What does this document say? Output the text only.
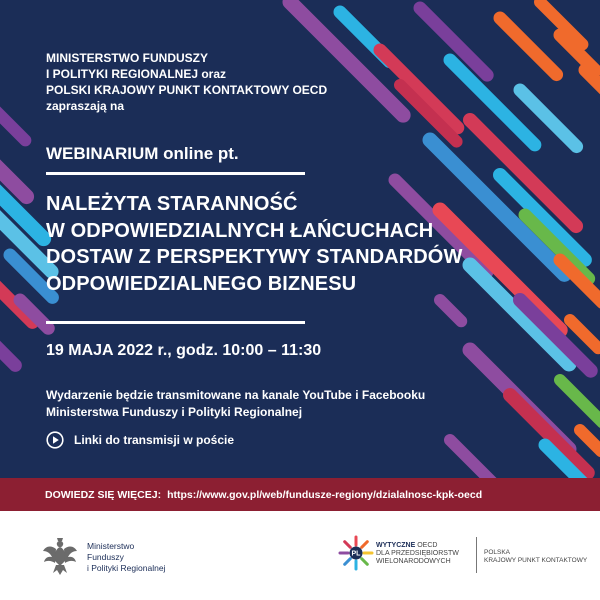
MINISTERSTWO FUNDUSZY
I POLITYKI REGIONALNEJ oraz
POLSKI KRAJOWY PUNKT KONTAKTOWY OECD
zapraszają na
WEBINARIUM online pt.
NALEŻYTA STARANNOŚĆ
W ODPOWIEDZIALNYCH ŁAŃCUCHACH
DOSTAW Z PERSPEKTYWY STANDARDÓW
ODPOWIEDZIALNEGO BIZNESU
19 MAJA 2022 r., godz. 10:00 – 11:30
Wydarzenie będzie transmitowane na kanale YouTube i Facebooku
Ministerstwa Funduszy i Polityki Regionalnej
Linki do transmisji w poście
DOWIEDZ SIĘ WIĘCEJ: https://www.gov.pl/web/fundusze-regiony/dzialalnosc-kpk-oecd
Ministerstwo
Funduszy
i Polityki Regionalnej
PL
WYTYCZNE OECD
DLA PRZEDSIĘBIORSTW
WIELONARODOWYCH
POLSKA
KRAJOWY PUNKT KONTAKTOWY
